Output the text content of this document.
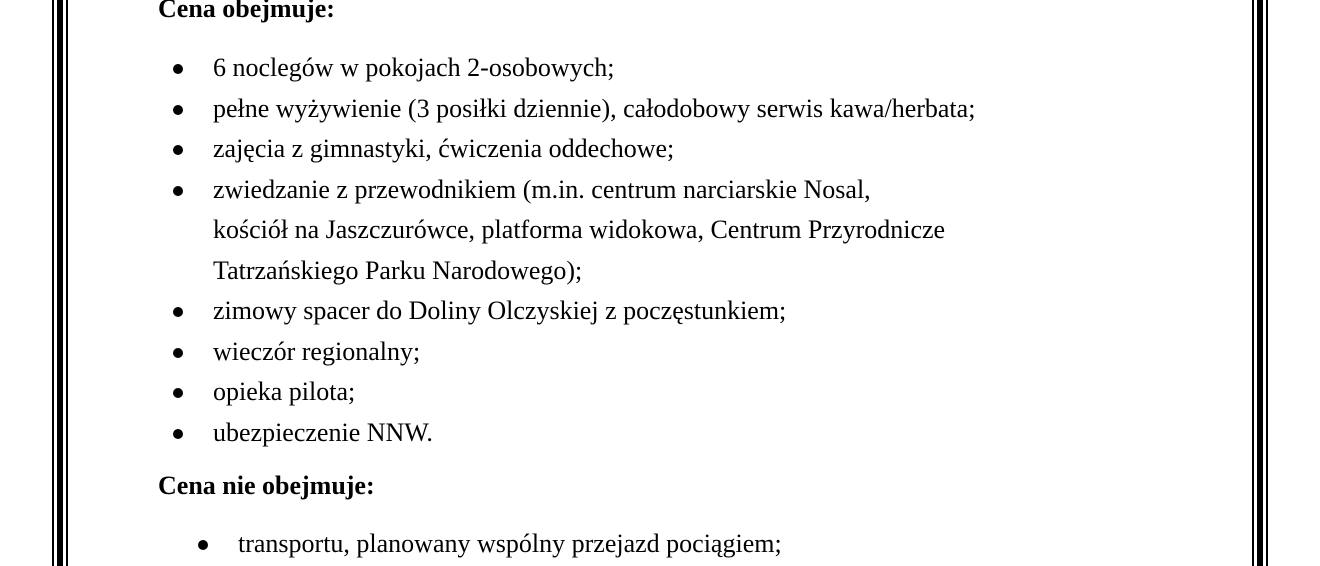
Cena obejmuje:
6 noclegów w pokojach 2-osobowych;
pełne wyżywienie (3 posiłki dziennie), całodobowy serwis kawa/herbata;
zajęcia z gimnastyki, ćwiczenia oddechowe;
zwiedzanie z przewodnikiem (m.in. centrum narciarskie Nosal,
kościół na Jaszczurówce, platforma widokowa, Centrum Przyrodnicze
Tatrzańskiego Parku Narodowego);
zimowy spacer do Doliny Olczyskiej z poczęstunkiem;
wieczór regionalny;
opieka pilota;
ubezpieczenie NNW.
Cena nie obejmuje:
transportu, planowany wspólny przejazd pociągiem;
